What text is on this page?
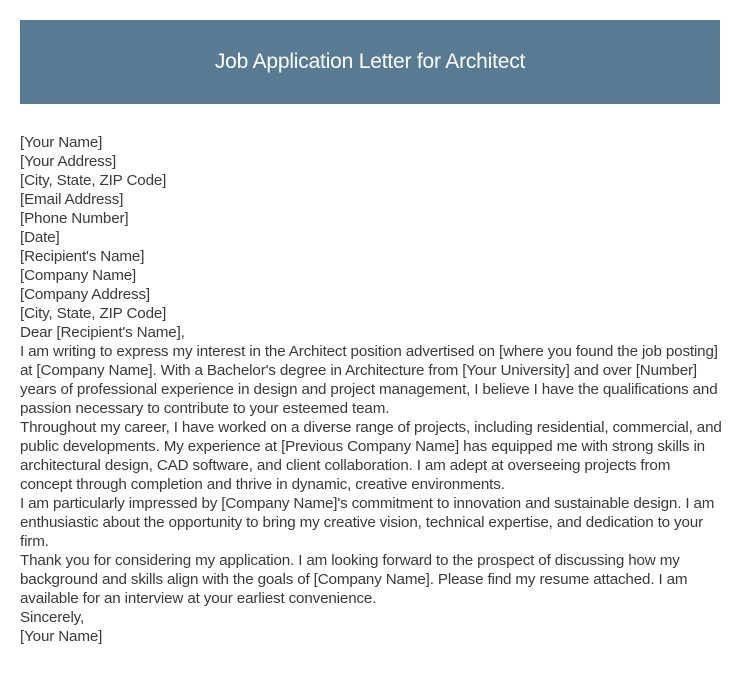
Job Application Letter for Architect

[Your Name]

[Your Address]

[City, State, ZIP Code]

[Email Address]

[Phone Number]

[Date]

[Recipient's Name]

[Company Name]

[Company Address]

[City, State, ZIP Code]

Dear [Recipient's Name],

I am writing to express my interest in the Architect position advertised on [where you found the job posting] at [Company Name]. With a Bachelor's degree in Architecture from [Your University] and over [Number] years of professional experience in design and project management, I believe I have the qualifications and passion necessary to contribute to your esteemed team.

Throughout my career, I have worked on a diverse range of projects, including residential, commercial, and public developments. My experience at [Previous Company Name] has equipped me with strong skills in architectural design, CAD software, and client collaboration. I am adept at overseeing projects from concept through completion and thrive in dynamic, creative environments.

I am particularly impressed by [Company Name]'s commitment to innovation and sustainable design. I am enthusiastic about the opportunity to bring my creative vision, technical expertise, and dedication to your firm.

Thank you for considering my application. I am looking forward to the prospect of discussing how my background and skills align with the goals of [Company Name]. Please find my resume attached. I am available for an interview at your earliest convenience.

Sincerely,

[Your Name]
